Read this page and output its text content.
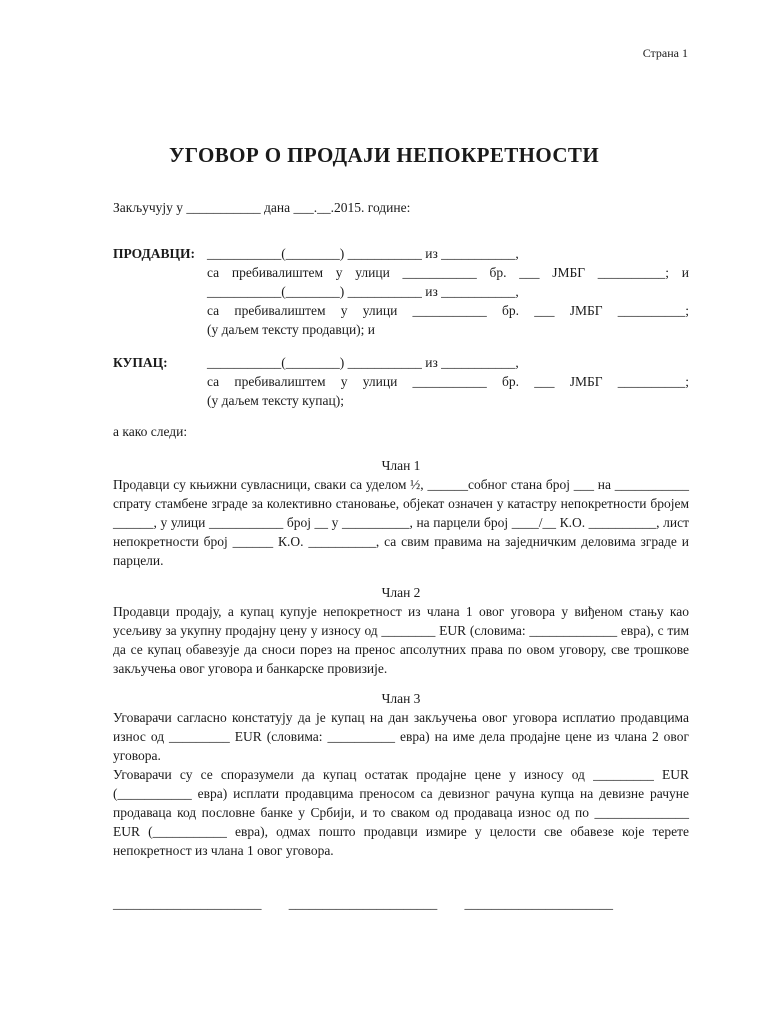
Страна 1
УГОВОР О ПРОДАЈИ НЕПОКРЕТНОСТИ

Закључују у ___________ дана ___.__.2015. године:

ПРОДАВЦИ: ___________(________) ___________ из ___________,
са пребивалиштем у улици ___________ бр. ___ ЈМБГ __________; и
___________(________) ___________ из ___________,
са пребивалиштем у улици ___________ бр. ___ ЈМБГ __________;
(у даљем тексту продавци); и
КУПАЦ:	___________(________) ___________ из ___________,
са пребивалиштем у улици ___________ бр. ___ ЈМБГ __________;
(у даљем тексту купац);

а како следи:

Члан 1

Продавци су књижни сувласници, сваки са уделом ½, ______собног стана број ___ на ___________ спрату стамбене зграде за колективно становање, објекат означен у катастру непокретности бројем ______, у улици ___________ број __ у __________, на парцели број ____/__ К.О. __________, лист непокретности број ______ К.О. __________, са свим правима на заједничким деловима зграде и парцели.

Члан 2

Продавци продају, а купац купује непокретност из члана 1 овог уговора у виђеном стању као усељиву за укупну продајну цену у износу од ________ EUR (словима: _____________ евра), с тим да се купац обавезује да сноси порез на пренос апсолутних права по овом уговору, све трошкове закључења овог уговора и банкарске провизије.

Члан 3

Уговарачи сагласно констатују да је купац на дан закључења овог уговора исплатио продавцима износ од _________ EUR (словима: __________ евра) на име дела продајне цене из члана 2 овог уговора.

Уговарачи су се споразумели да купац остатак продајне цене у износу од _________ EUR (___________ евра) исплати продавцима преносом са девизног рачуна купца на девизне рачуне продаваца код пословне банке у Србији, и то сваком од продаваца износ од по ______________ EUR (___________ евра), одмах пошто продавци измире у целости све обавезе које терете непокретност из члана 1 овог уговора.

______________________ ______________________ ______________________
